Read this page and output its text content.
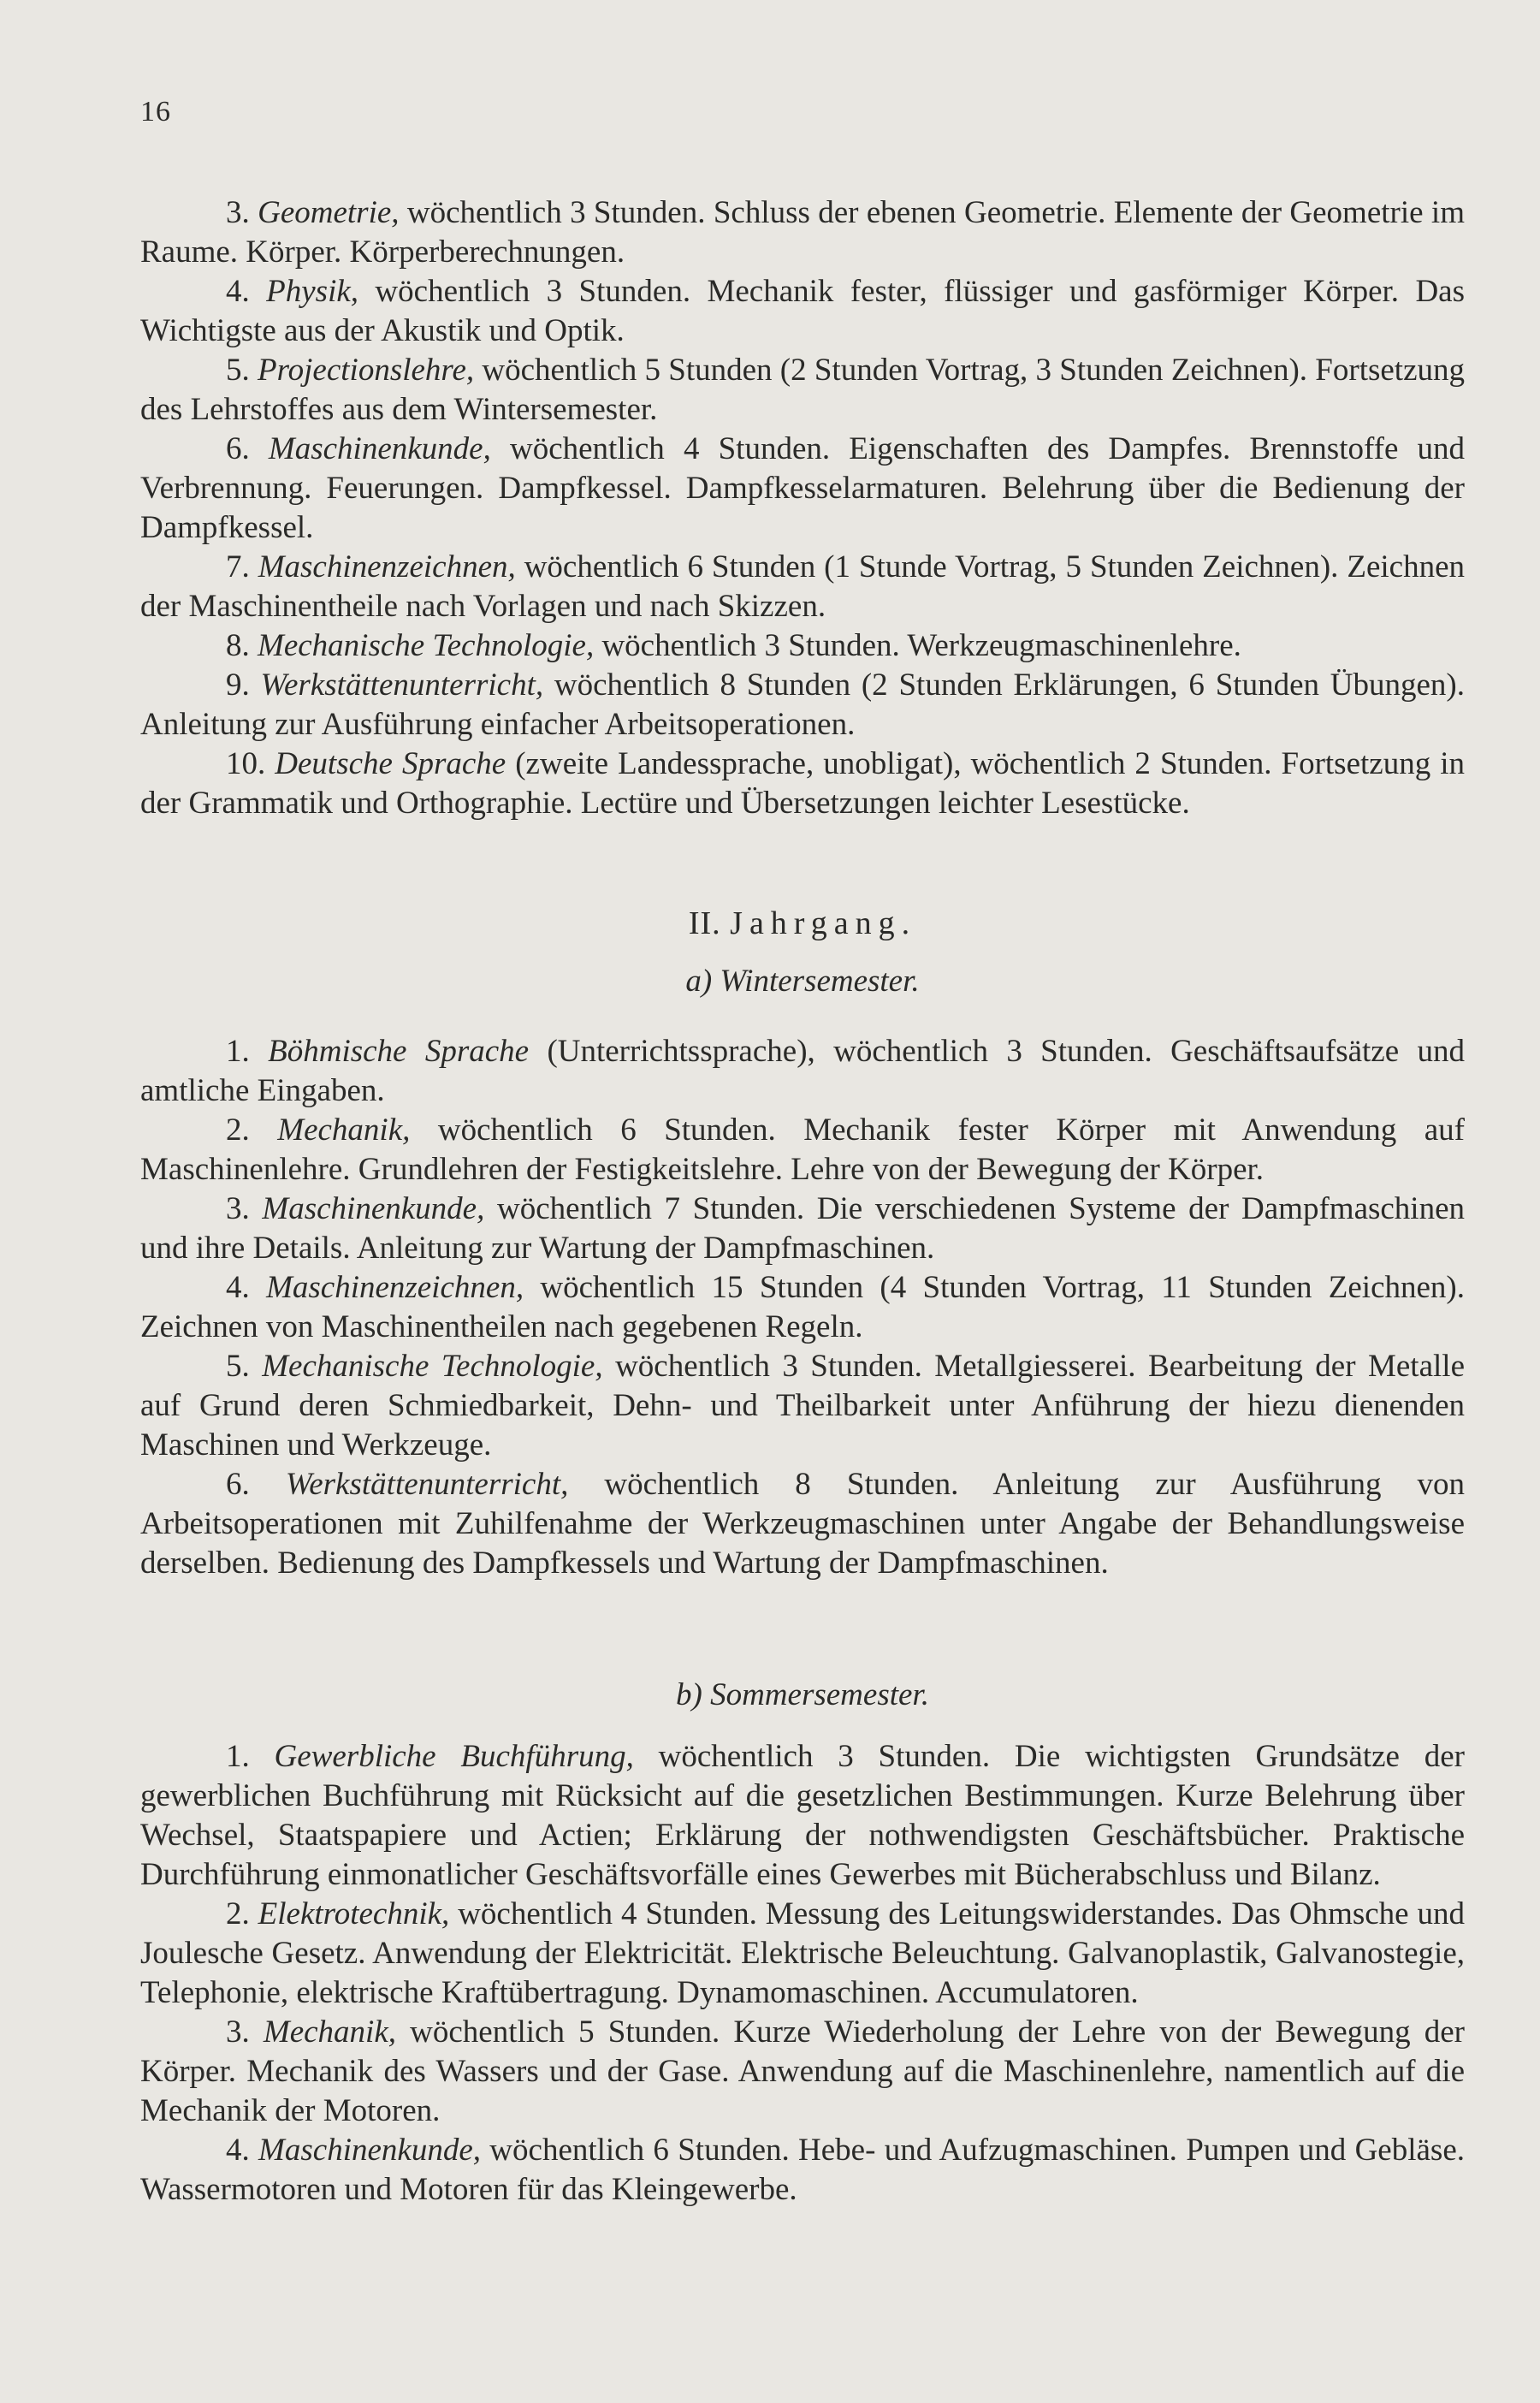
16

3. Geometrie, wöchentlich 3 Stunden. Schluss der ebenen Geometrie. Elemente der Geometrie im Raume. Körper. Körperberechnungen.

4. Physik, wöchentlich 3 Stunden. Mechanik fester, flüssiger und gasförmiger Körper. Das Wichtigste aus der Akustik und Optik.

5. Projectionslehre, wöchentlich 5 Stunden (2 Stunden Vortrag, 3 Stunden Zeichnen). Fortsetzung des Lehrstoffes aus dem Wintersemester.

6. Maschinenkunde, wöchentlich 4 Stunden. Eigenschaften des Dampfes. Brennstoffe und Verbrennung. Feuerungen. Dampfkessel. Dampfkesselarmaturen. Belehrung über die Bedienung der Dampfkessel.

7. Maschinenzeichnen, wöchentlich 6 Stunden (1 Stunde Vortrag, 5 Stunden Zeichnen). Zeichnen der Maschinentheile nach Vorlagen und nach Skizzen.

8. Mechanische Technologie, wöchentlich 3 Stunden. Werkzeugmaschinenlehre.

9. Werkstättenunterricht, wöchentlich 8 Stunden (2 Stunden Erklärungen, 6 Stunden Übungen). Anleitung zur Ausführung einfacher Arbeitsoperationen.

10. Deutsche Sprache (zweite Landessprache, unobligat), wöchentlich 2 Stunden. Fortsetzung in der Grammatik und Orthographie. Lectüre und Übersetzungen leichter Lesestücke.

II. Jahrgang.
a) Wintersemester.

1. Böhmische Sprache (Unterrichtssprache), wöchentlich 3 Stunden. Geschäftsaufsätze und amtliche Eingaben.

2. Mechanik, wöchentlich 6 Stunden. Mechanik fester Körper mit Anwendung auf Maschinenlehre. Grundlehren der Festigkeitslehre. Lehre von der Bewegung der Körper.

3. Maschinenkunde, wöchentlich 7 Stunden. Die verschiedenen Systeme der Dampfmaschinen und ihre Details. Anleitung zur Wartung der Dampfmaschinen.

4. Maschinenzeichnen, wöchentlich 15 Stunden (4 Stunden Vortrag, 11 Stunden Zeichnen). Zeichnen von Maschinentheilen nach gegebenen Regeln.

5. Mechanische Technologie, wöchentlich 3 Stunden. Metallgiesserei. Bearbeitung der Metalle auf Grund deren Schmiedbarkeit, Dehn- und Theilbarkeit unter Anführung der hiezu dienenden Maschinen und Werkzeuge.

6. Werkstättenunterricht, wöchentlich 8 Stunden. Anleitung zur Ausführung von Arbeitsoperationen mit Zuhilfenahme der Werkzeugmaschinen unter Angabe der Behandlungsweise derselben. Bedienung des Dampfkessels und Wartung der Dampfmaschinen.

b) Sommersemester.

1. Gewerbliche Buchführung, wöchentlich 3 Stunden. Die wichtigsten Grundsätze der gewerblichen Buchführung mit Rücksicht auf die gesetzlichen Bestimmungen. Kurze Belehrung über Wechsel, Staatspapiere und Actien; Erklärung der nothwendigsten Geschäftsbücher. Praktische Durchführung einmonatlicher Geschäftsvorfälle eines Gewerbes mit Bücherabschluss und Bilanz.

2. Elektrotechnik, wöchentlich 4 Stunden. Messung des Leitungswiderstandes. Das Ohmsche und Joulesche Gesetz. Anwendung der Elektricität. Elektrische Beleuchtung. Galvanoplastik, Galvanostegie, Telephonie, elektrische Kraftübertragung. Dynamomaschinen. Accumulatoren.

3. Mechanik, wöchentlich 5 Stunden. Kurze Wiederholung der Lehre von der Bewegung der Körper. Mechanik des Wassers und der Gase. Anwendung auf die Maschinenlehre, namentlich auf die Mechanik der Motoren.

4. Maschinenkunde, wöchentlich 6 Stunden. Hebe- und Aufzugmaschinen. Pumpen und Gebläse. Wassermotoren und Motoren für das Kleingewerbe.
